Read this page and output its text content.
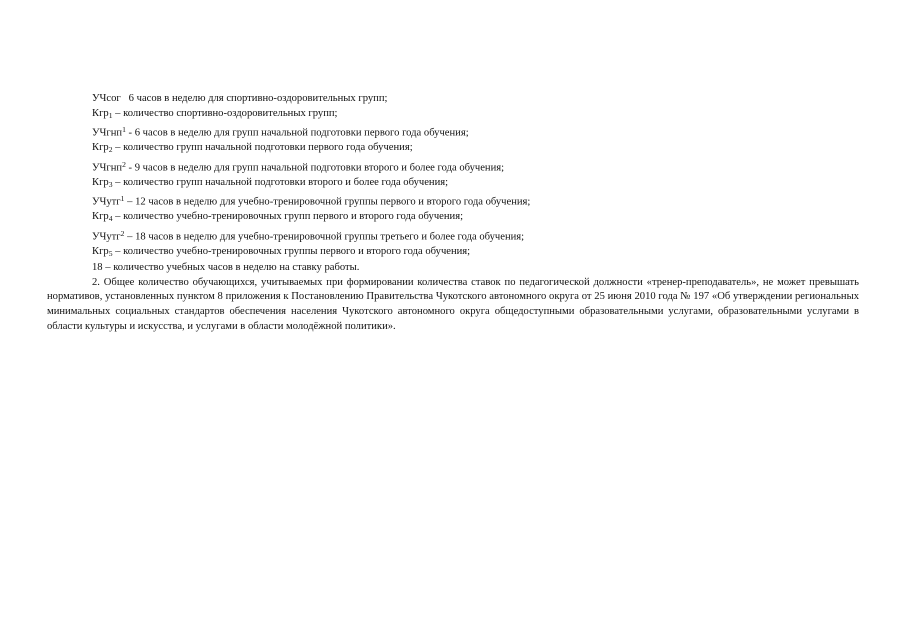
УЧсог   6 часов в неделю для спортивно-оздоровительных групп;

Кгр$_1$ – количество спортивно-оздоровительных групп;

УЧгнп$^1$ - 6 часов в неделю для групп начальной подготовки первого года обучения;

Кгр$_2$ – количество групп начальной подготовки первого года обучения;

УЧгнп$^2$ - 9 часов в неделю для групп начальной подготовки второго и более года обучения;

Кгр$_3$ – количество групп начальной подготовки второго и более года обучения;

УЧутг$^1$ – 12 часов в неделю для учебно-тренировочной группы первого и второго года обучения;

Кгр$_4$ – количество учебно-тренировочных групп первого и второго года обучения;

УЧутг$^2$ – 18 часов в неделю для учебно-тренировочной группы третьего и более года обучения;

Кгр$_5$ – количество учебно-тренировочных группы первого и второго года обучения;

18 – количество учебных часов в неделю на ставку работы.

2. Общее количество обучающихся, учитываемых при формировании количества ставок по педагогической должности «тренер-преподаватель», не может превышать нормативов, установленных пунктом 8 приложения к Постановлению Правительства Чукотского автономного округа от 25 июня 2010 года № 197 «Об утверждении региональных минимальных социальных стандартов обеспечения населения Чукотского автономного округа общедоступными образовательными услугами, образовательными услугами в области культуры и искусства, и услугами в области молодёжной политики».
